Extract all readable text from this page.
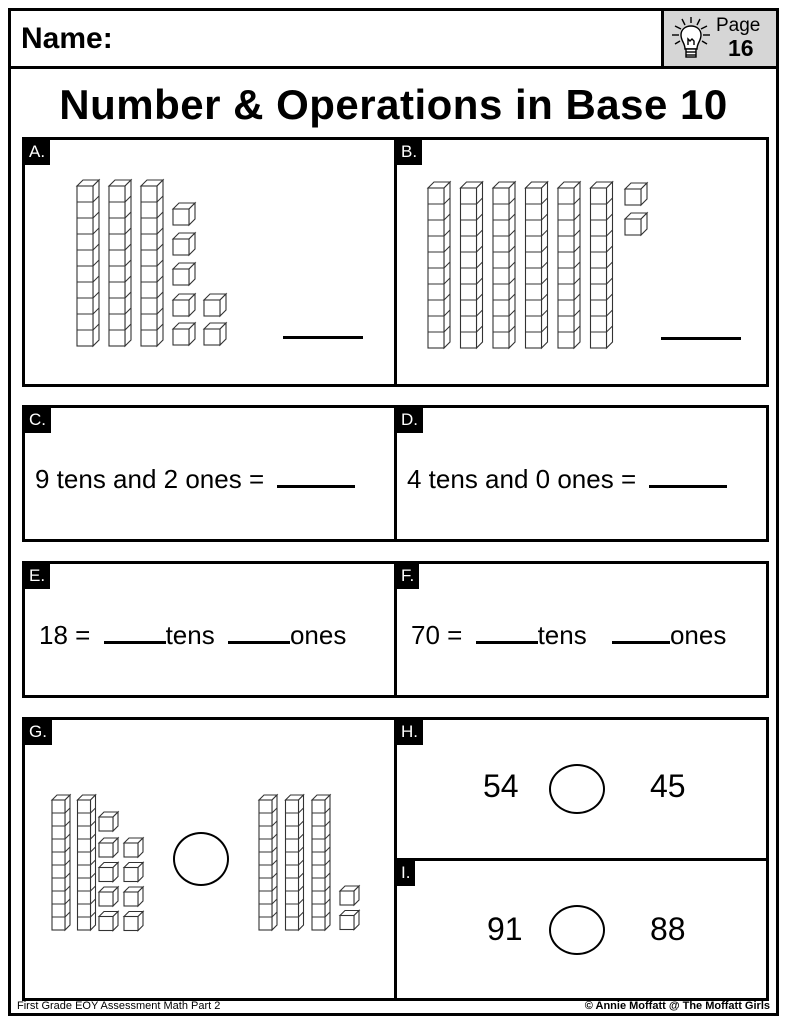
Name:	Page
16
Number & Operations in Base 10
A.	B.
C.
9 tens and 2 ones =
D.
4 tens and 0 ones =
E.
18 =	tens	ones
F.
70 =	tens	ones
G.	H.
54	45
I.
91	88
First Grade EOY Assessment Math Part 2	© Annie Moffatt @ The Moffatt Girls
